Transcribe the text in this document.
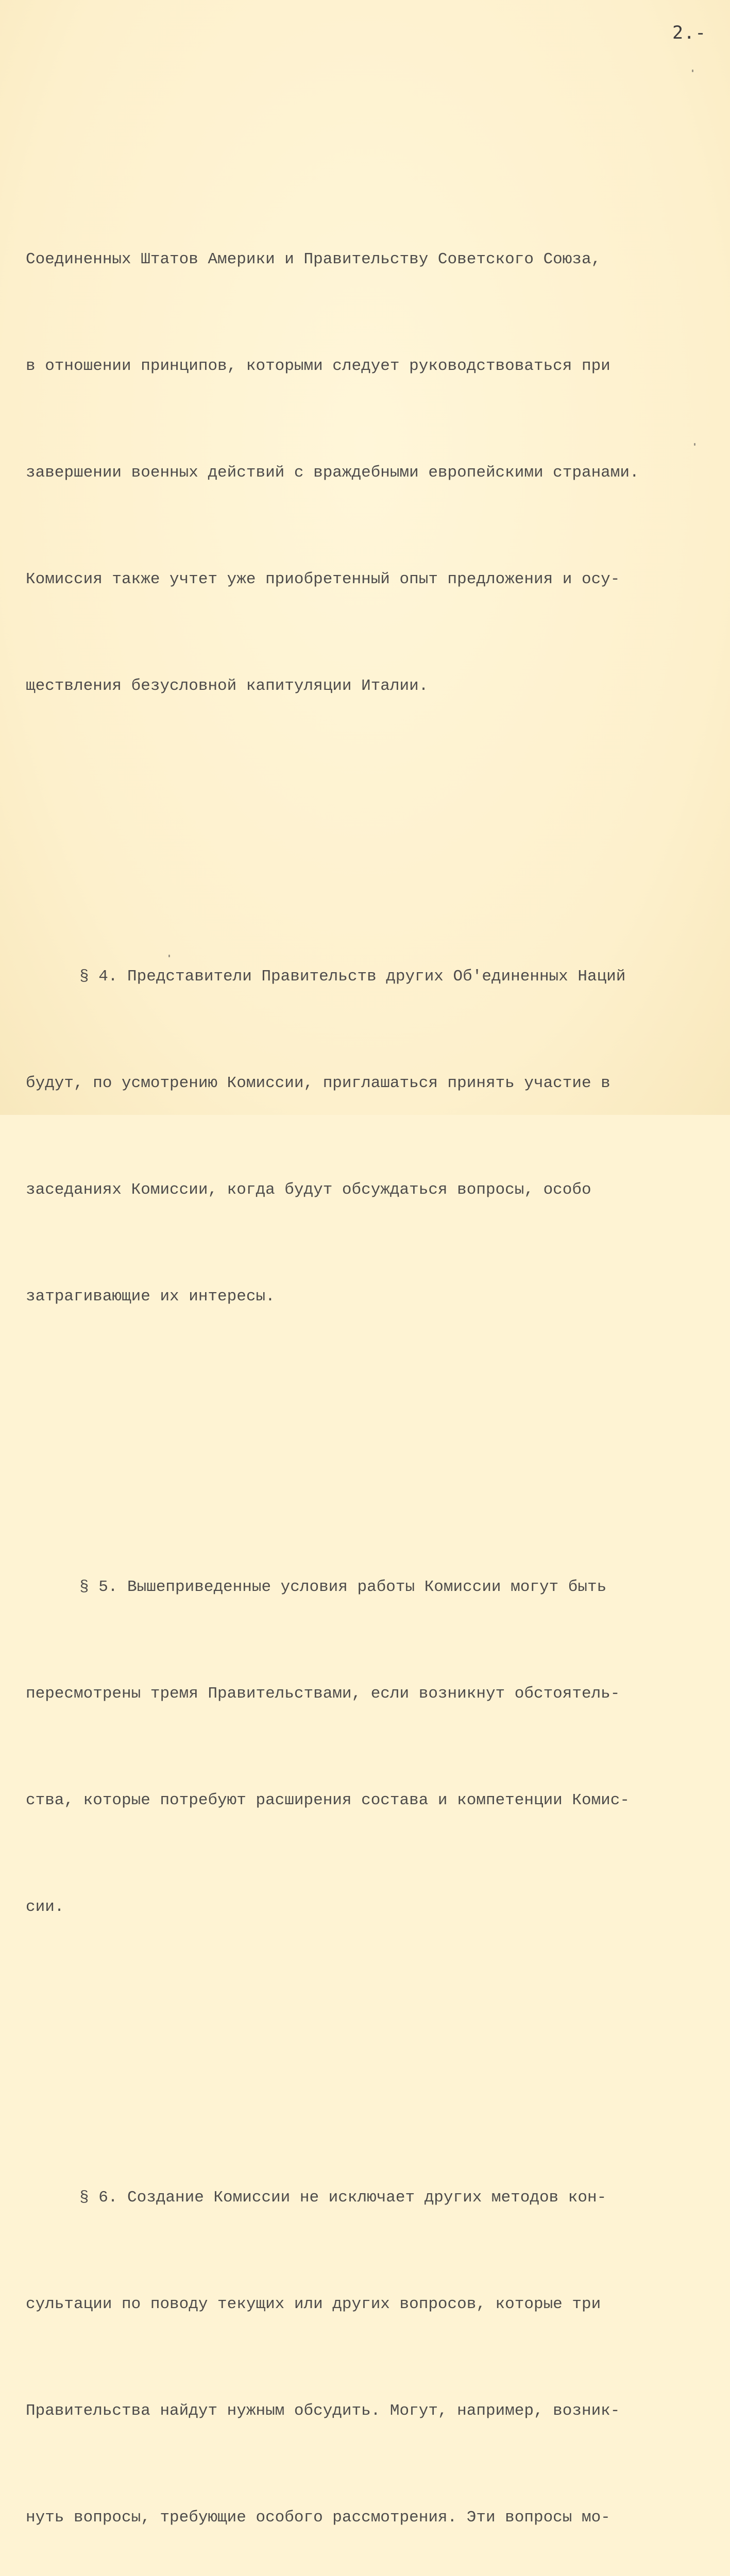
2.-

Соединенных Штатов Америки и Правительству Советского Союза,

в отношении принципов, которыми следует руководствоваться при

завершении военных действий с враждебными европейскими странами.

Комиссия также учтет уже приобретенный опыт предложения и осу-

ществления безусловной капитуляции Италии.

§ 4. Представители Правительств других Об'единенных Наций

будут, по усмотрению Комиссии, приглашаться принять участие в

заседаниях Комиссии, когда будут обсуждаться вопросы, особо

затрагивающие их интересы.

§ 5. Вышеприведенные условия работы Комиссии могут быть

пересмотрены тремя Правительствами, если возникнут обстоятель-

ства, которые потребуют расширения состава и компетенции Комис-

сии.

§ 6. Создание Комиссии не исключает других методов кон-

сультации по поводу текущих или других вопросов, которые три

Правительства найдут нужным обсудить. Могут, например, возник-

нуть вопросы, требующие особого рассмотрения. Эти вопросы мо-
